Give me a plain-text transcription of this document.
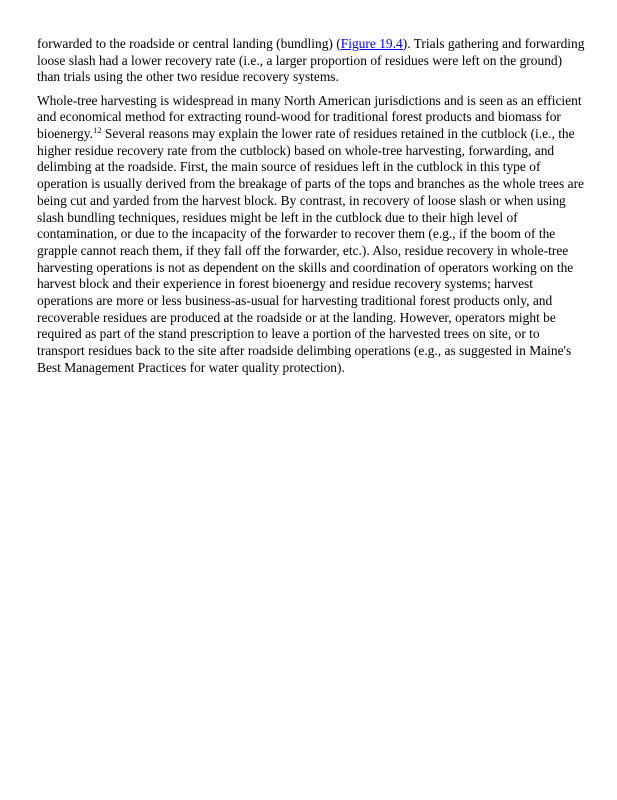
forwarded to the roadside or central landing (bundling) (Figure 19.4). Trials gathering and forwarding loose slash had a lower recovery rate (i.e., a larger proportion of residues were left on the ground) than trials using the other two residue recovery systems.

Whole-tree harvesting is widespread in many North American jurisdictions and is seen as an efficient and economical method for extracting round-wood for traditional forest products and biomass for bioenergy.$^{12}$ Several reasons may explain the lower rate of residues retained in the cutblock (i.e., the higher residue recovery rate from the cutblock) based on whole-tree harvesting, forwarding, and delimbing at the roadside. First, the main source of residues left in the cutblock in this type of operation is usually derived from the breakage of parts of the tops and branches as the whole trees are being cut and yarded from the harvest block. By contrast, in recovery of loose slash or when using slash bundling techniques, residues might be left in the cutblock due to their high level of contamination, or due to the incapacity of the forwarder to recover them (e.g., if the boom of the grapple cannot reach them, if they fall off the forwarder, etc.). Also, residue recovery in whole-tree harvesting operations is not as dependent on the skills and coordination of operators working on the harvest block and their experience in forest bioenergy and residue recovery systems; harvest operations are more or less business-as-usual for harvesting traditional forest products only, and recoverable residues are produced at the roadside or at the landing. However, operators might be required as part of the stand prescription to leave a portion of the harvested trees on site, or to transport residues back to the site after roadside delimbing operations (e.g., as suggested in Maine's Best Management Practices for water quality protection).
